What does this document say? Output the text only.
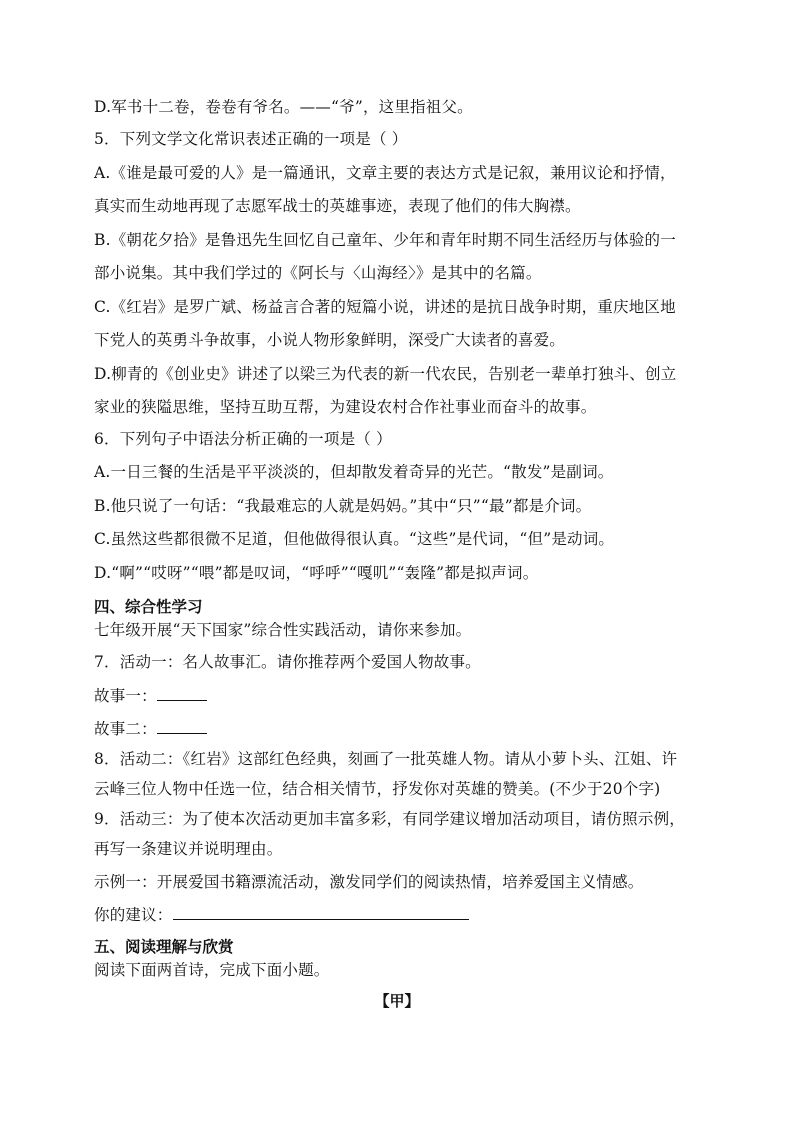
D.军书十二卷，卷卷有爷名。——“爷”，这里指祖父。
5．下列文学文化常识表述正确的一项是（ ）
A.《谁是最可爱的人》是一篇通讯，文章主要的表达方式是记叙，兼用议论和抒情，
真实而生动地再现了志愿军战士的英雄事迹，表现了他们的伟大胸襟。
B.《朝花夕拾》是鲁迅先生回忆自己童年、少年和青年时期不同生活经历与体验的一
部小说集。其中我们学过的《阿长与〈山海经〉》是其中的名篇。
C.《红岩》是罗广斌、杨益言合著的短篇小说，讲述的是抗日战争时期，重庆地区地
下党人的英勇斗争故事，小说人物形象鲜明，深受广大读者的喜爱。
D.柳青的《创业史》讲述了以梁三为代表的新一代农民，告别老一辈单打独斗、创立
家业的狭隘思维，坚持互助互帮，为建设农村合作社事业而奋斗的故事。
6．下列句子中语法分析正确的一项是（ ）
A.一日三餐的生活是平平淡淡的，但却散发着奇异的光芒。“散发”是副词。
B.他只说了一句话：“我最难忘的人就是妈妈。”其中“只”“最”都是介词。
C.虽然这些都很微不足道，但他做得很认真。“这些”是代词，“但”是动词。
D.“啊”“哎呀”“喂”都是叹词，“呼呼”“嘎叽”“轰隆”都是拟声词。
四、综合性学习
七年级开展“天下国家”综合性实践活动，请你来参加。
7．活动一：名人故事汇。请你推荐两个爱国人物故事。
故事一：
故事二：
8．活动二：《红岩》这部红色经典，刻画了一批英雄人物。请从小萝卜头、江姐、许
云峰三位人物中任选一位，结合相关情节，抒发你对英雄的赞美。(不少于20个字)
9．活动三：为了使本次活动更加丰富多彩，有同学建议增加活动项目，请仿照示例，
再写一条建议并说明理由。
示例一：开展爱国书籍漂流活动，激发同学们的阅读热情，培养爱国主义情感。
你的建议：
五、阅读理解与欣赏
阅读下面两首诗，完成下面小题。
【甲】
